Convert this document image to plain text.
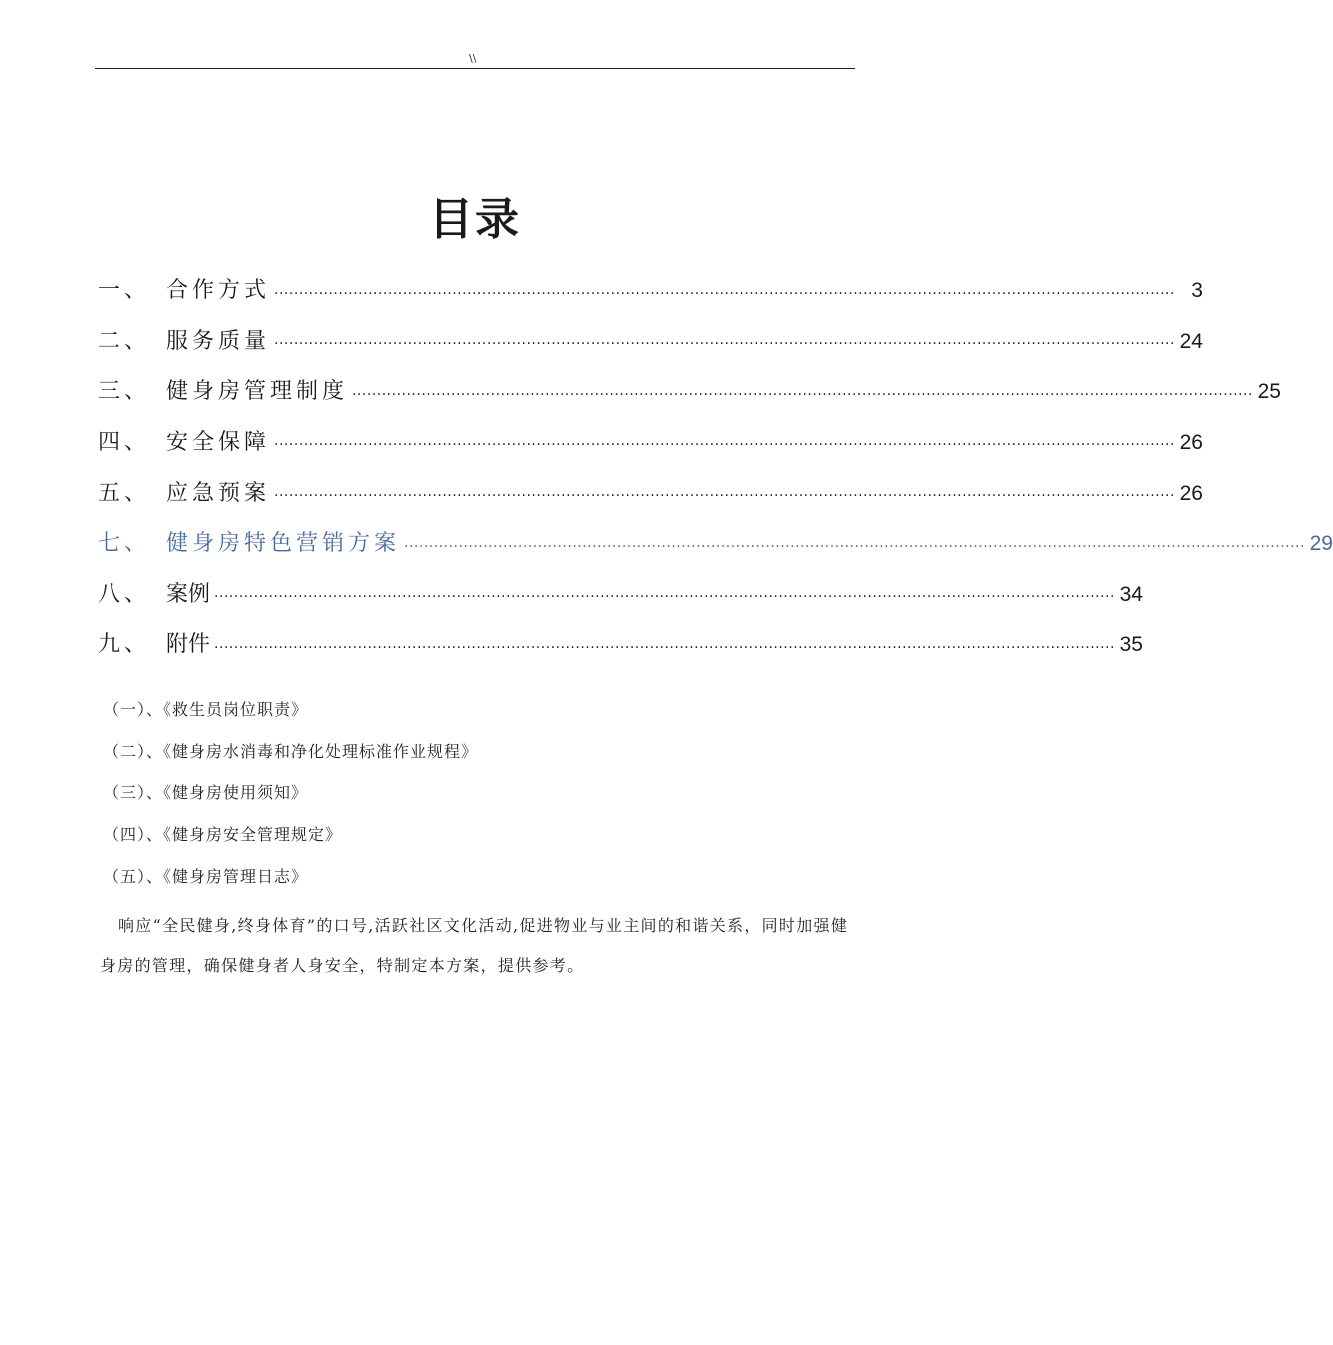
\\
目录
一、 合作方式 ...................................................................................................................................................................................... 3
二、 服务质量 ...................................................................................................................................................................................... 24
三、 健身房管理制度 ...................................................................................................................................................................................... 25
四、 安全保障 ...................................................................................................................................................................................... 26
五、 应急预案 ...................................................................................................................................................................................... 26
七、 健身房特色营销方案 ...................................................................................................................................................................................... 29
八、 案例 ...................................................................................................................................................................................... 34
九、 附件 ...................................................................................................................................................................................... 35
（一）、《救生员岗位职责》
（二）、《健身房水消毒和净化处理标准作业规程》
（三）、《健身房使用须知》
（四）、《健身房安全管理规定》
（五）、《健身房管理日志》

响应“全民健身,终身体育”的口号,活跃社区文化活动,促进物业与业主间的和谐关系，同时加强健身房的管理，确保健身者人身安全，特制定本方案，提供参考。
